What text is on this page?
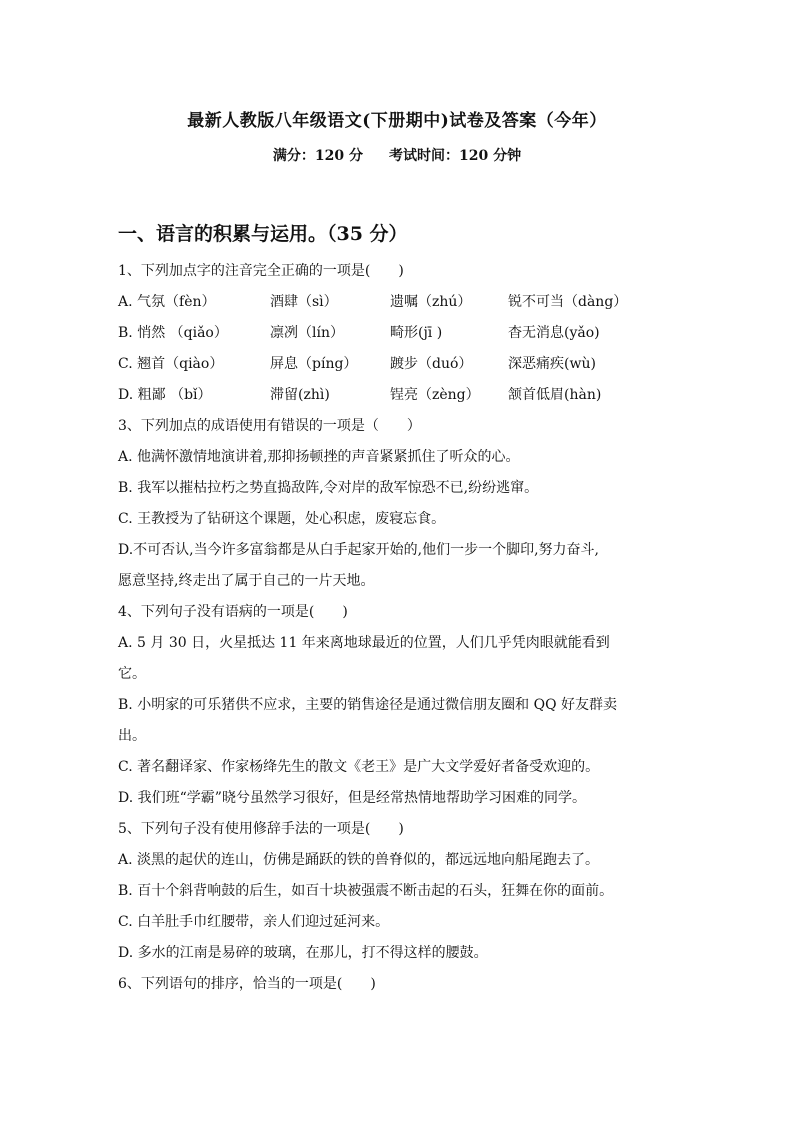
最新人教版八年级语文(下册期中)试卷及答案（今年）
满分：120 分 考试时间：120 分钟
一、语言的积累与运用。（35 分）
1、下列加点字的注音完全正确的一项是(　　)
A. 气氛（fèn）	酒肆（sì）	遗嘱（zhú）	锐不可当（dàng）
B. 悄然 （qiǎo）	凛冽（lín）	畸形(jī )	杳无消息(yǎo)
C. 翘首（qiào）	屏息（píng）	踱步（duó）	深恶痛疾(wù)
D. 粗鄙 （bǐ）	滞留(zhì)	锃亮（zèng）	颔首低眉(hàn)
3、下列加点的成语使用有错误的一项是（　　）
A. 他满怀激情地演讲着,那抑扬顿挫的声音紧紧抓住了听众的心。
B. 我军以摧枯拉朽之势直捣敌阵,令对岸的敌军惊恐不已,纷纷逃窜。
C. 王教授为了钻研这个课题，处心积虑，废寝忘食。
D.不可否认,当今许多富翁都是从白手起家开始的,他们一步一个脚印,努力奋斗,
愿意坚持,终走出了属于自己的一片天地。
4、下列句子没有语病的一项是(　　)
A. 5 月 30 日，火星抵达 11 年来离地球最近的位置，人们几乎凭肉眼就能看到
它。
B. 小明家的可乐猪供不应求，主要的销售途径是通过微信朋友圈和 QQ 好友群卖
出。
C. 著名翻译家、作家杨绛先生的散文《老王》是广大文学爱好者备受欢迎的。
D. 我们班“学霸”晓兮虽然学习很好，但是经常热情地帮助学习困难的同学。
5、下列句子没有使用修辞手法的一项是(　　)
A. 淡黑的起伏的连山，仿佛是踊跃的铁的兽脊似的，都远远地向船尾跑去了。
B. 百十个斜背响鼓的后生，如百十块被强震不断击起的石头，狂舞在你的面前。
C. 白羊肚手巾红腰带，亲人们迎过延河来。
D. 多水的江南是易碎的玻璃，在那儿，打不得这样的腰鼓。
6、下列语句的排序，恰当的一项是(　　)
